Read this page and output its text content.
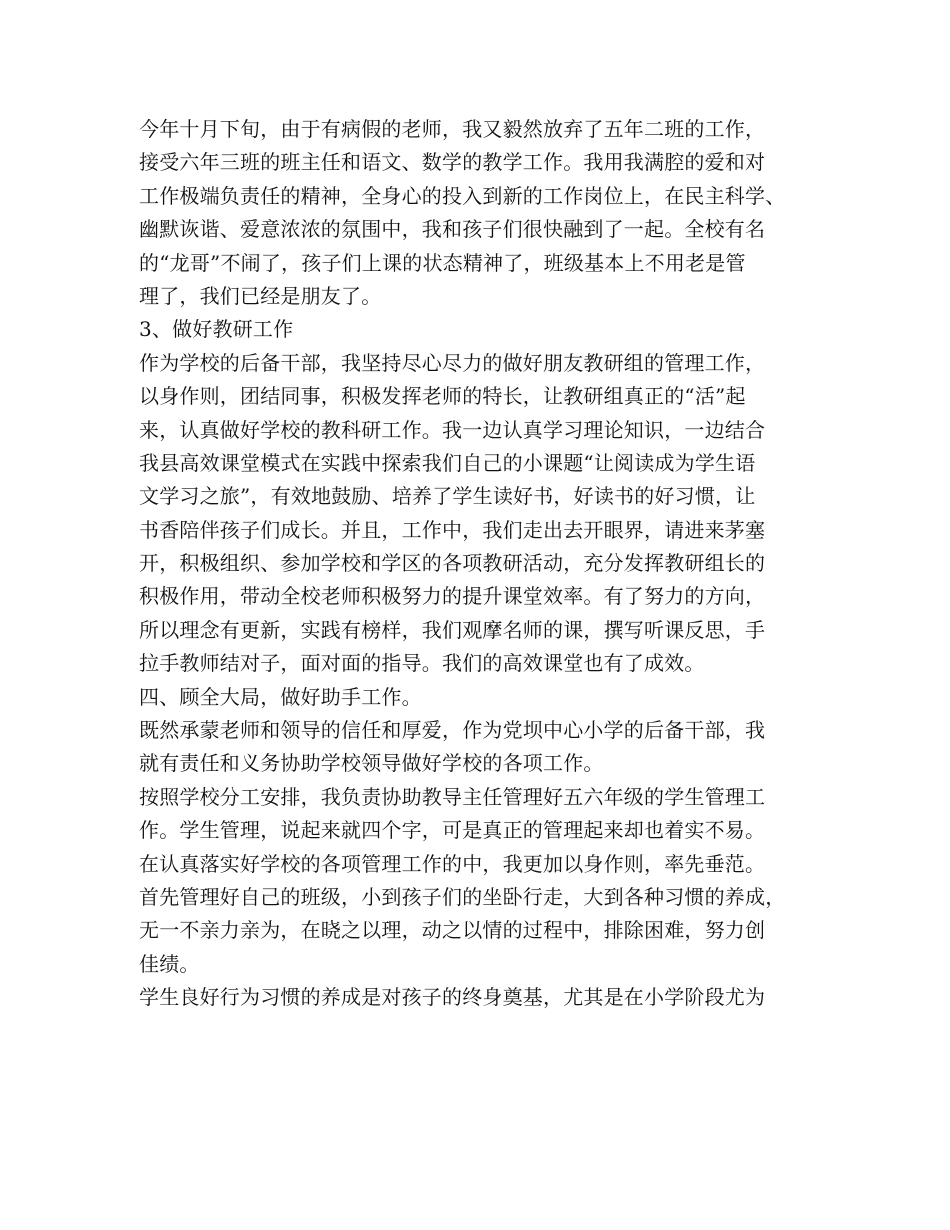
今年十月下旬，由于有病假的老师，我又毅然放弃了五年二班的工作，
接受六年三班的班主任和语文、数学的教学工作。我用我满腔的爱和对
工作极端负责任的精神，全身心的投入到新的工作岗位上，在民主科学、
幽默诙谐、爱意浓浓的氛围中，我和孩子们很快融到了一起。全校有名
的“龙哥”不闹了，孩子们上课的状态精神了，班级基本上不用老是管
理了，我们已经是朋友了。
3、做好教研工作
作为学校的后备干部，我坚持尽心尽力的做好朋友教研组的管理工作，
以身作则，团结同事，积极发挥老师的特长，让教研组真正的“活”起
来，认真做好学校的教科研工作。我一边认真学习理论知识，一边结合
我县高效课堂模式在实践中探索我们自己的小课题“让阅读成为学生语
文学习之旅”，有效地鼓励、培养了学生读好书，好读书的好习惯，让
书香陪伴孩子们成长。并且，工作中，我们走出去开眼界，请进来茅塞
开，积极组织、参加学校和学区的各项教研活动，充分发挥教研组长的
积极作用，带动全校老师积极努力的提升课堂效率。有了努力的方向，
所以理念有更新，实践有榜样，我们观摩名师的课，撰写听课反思，手
拉手教师结对子，面对面的指导。我们的高效课堂也有了成效。
四、顾全大局，做好助手工作。
既然承蒙老师和领导的信任和厚爱，作为党坝中心小学的后备干部，我
就有责任和义务协助学校领导做好学校的各项工作。
按照学校分工安排，我负责协助教导主任管理好五六年级的学生管理工
作。学生管理，说起来就四个字，可是真正的管理起来却也着实不易。
在认真落实好学校的各项管理工作的中，我更加以身作则，率先垂范。
首先管理好自己的班级，小到孩子们的坐卧行走，大到各种习惯的养成，
无一不亲力亲为，在晓之以理，动之以情的过程中，排除困难，努力创
佳绩。
学生良好行为习惯的养成是对孩子的终身奠基，尤其是在小学阶段尤为
